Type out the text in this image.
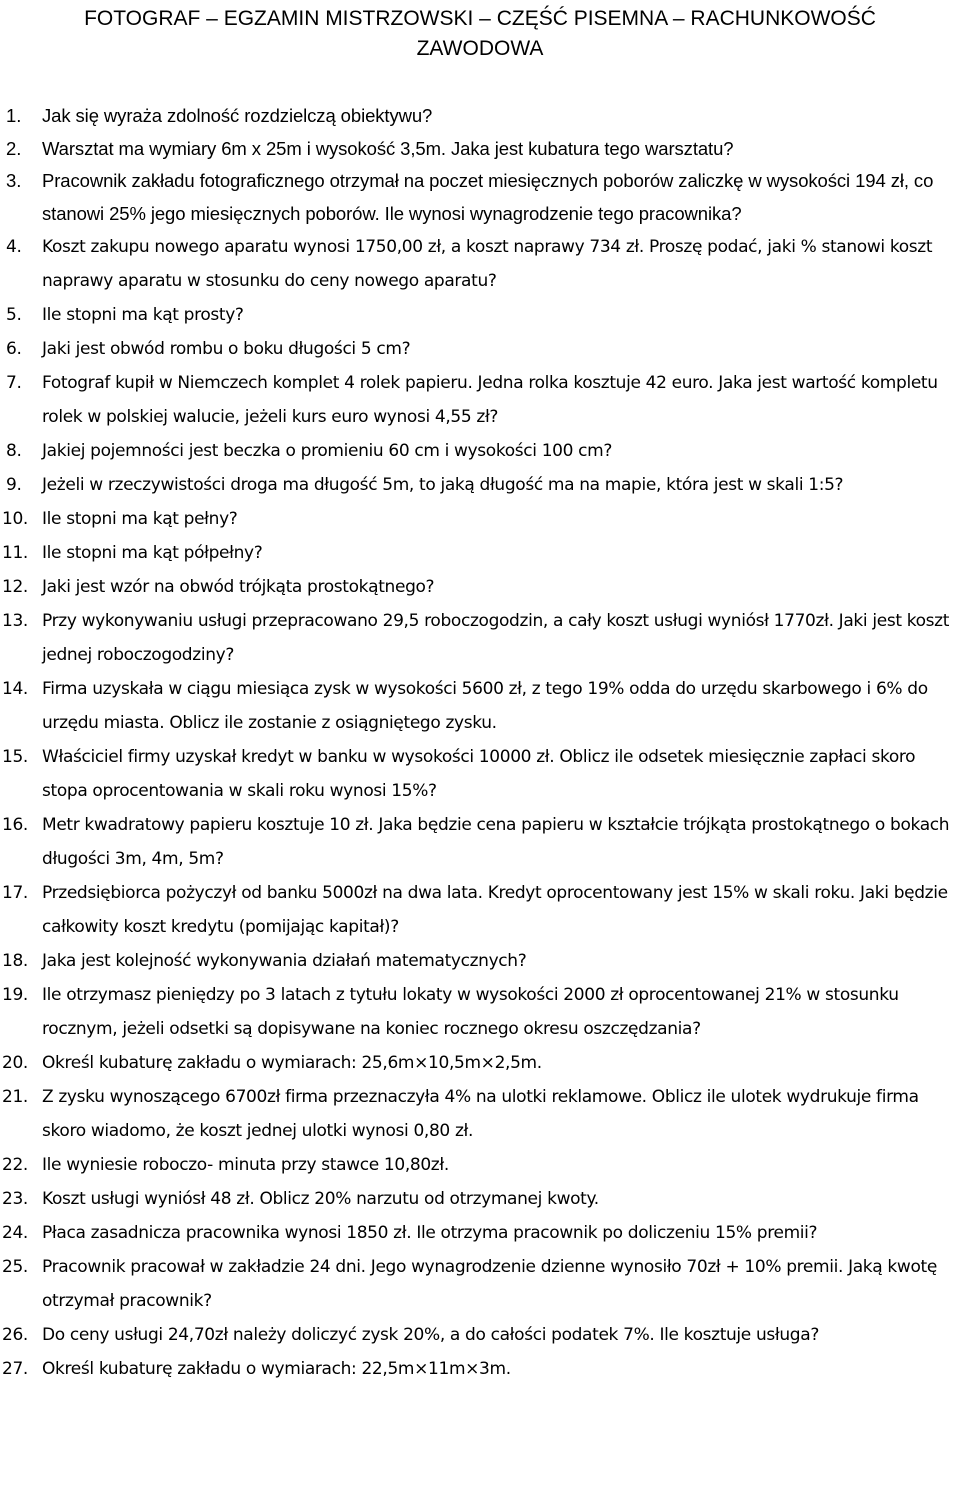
FOTOGRAF – EGZAMIN MISTRZOWSKI – CZĘŚĆ PISEMNA – RACHUNKOWOŚĆ
ZAWODOWA
1. Jak się wyraża zdolność rozdzielczą obiektywu?
2. Warsztat ma wymiary 6m x 25m i wysokość 3,5m. Jaka jest kubatura tego warsztatu?
3. Pracownik zakładu fotograficznego otrzymał na poczet miesięcznych poborów zaliczkę w wysokości 194 zł, co stanowi 25% jego miesięcznych poborów. Ile wynosi wynagrodzenie tego pracownika?
4. Koszt zakupu nowego aparatu wynosi 1750,00 zł, a koszt naprawy 734 zł. Proszę podać, jaki % stanowi koszt naprawy aparatu w stosunku do ceny nowego aparatu?
5. Ile stopni ma kąt prosty?
6. Jaki jest obwód rombu o boku długości 5 cm?
7. Fotograf kupił w Niemczech komplet 4 rolek papieru. Jedna rolka kosztuje 42 euro. Jaka jest wartość kompletu rolek w polskiej walucie, jeżeli kurs euro wynosi 4,55 zł?
8. Jakiej pojemności jest beczka o promieniu 60 cm i wysokości 100 cm?
9. Jeżeli w rzeczywistości droga ma długość 5m, to jaką długość ma na mapie, która jest w skali 1:5?
10. Ile stopni ma kąt pełny?
11. Ile stopni ma kąt półpełny?
12. Jaki jest wzór na obwód trójkąta prostokątnego?
13. Przy wykonywaniu usługi przepracowano 29,5 roboczogodzin, a cały koszt usługi wyniósł 1770zł. Jaki jest koszt jednej roboczogodziny?
14. Firma uzyskała w ciągu miesiąca zysk w wysokości 5600 zł, z tego 19% odda do urzędu skarbowego i 6% do urzędu miasta. Oblicz ile zostanie z osiągniętego zysku.
15. Właściciel firmy uzyskał kredyt w banku w wysokości 10000 zł. Oblicz ile odsetek miesięcznie zapłaci skoro stopa oprocentowania w skali roku wynosi 15%?
16. Metr kwadratowy papieru kosztuje 10 zł. Jaka będzie cena papieru w kształcie trójkąta prostokątnego o bokach długości 3m, 4m, 5m?
17. Przedsiębiorca pożyczył od banku 5000zł na dwa lata. Kredyt oprocentowany jest 15% w skali roku. Jaki będzie całkowity koszt kredytu (pomijając kapitał)?
18. Jaka jest kolejność wykonywania działań matematycznych?
19. Ile otrzymasz pieniędzy po 3 latach z tytułu lokaty w wysokości 2000 zł oprocentowanej 21% w stosunku rocznym, jeżeli odsetki są dopisywane na koniec rocznego okresu oszczędzania?
20. Określ kubaturę zakładu o wymiarach: 25,6m×10,5m×2,5m.
21. Z zysku wynoszącego 6700zł firma przeznaczyła 4% na ulotki reklamowe. Oblicz ile ulotek wydrukuje firma skoro wiadomo, że koszt jednej ulotki wynosi 0,80 zł.
22. Ile wyniesie roboczo- minuta przy stawce 10,80zł.
23. Koszt usługi wyniósł 48 zł. Oblicz 20% narzutu od otrzymanej kwoty.
24. Płaca zasadnicza pracownika wynosi 1850 zł. Ile otrzyma pracownik po doliczeniu 15% premii?
25. Pracownik pracował w zakładzie 24 dni. Jego wynagrodzenie dzienne wynosiło 70zł + 10% premii. Jaką kwotę otrzymał pracownik?
26. Do ceny usługi 24,70zł należy doliczyć zysk 20%, a do całości podatek 7%. Ile kosztuje usługa?
27. Określ kubaturę zakładu o wymiarach: 22,5m×11m×3m.
